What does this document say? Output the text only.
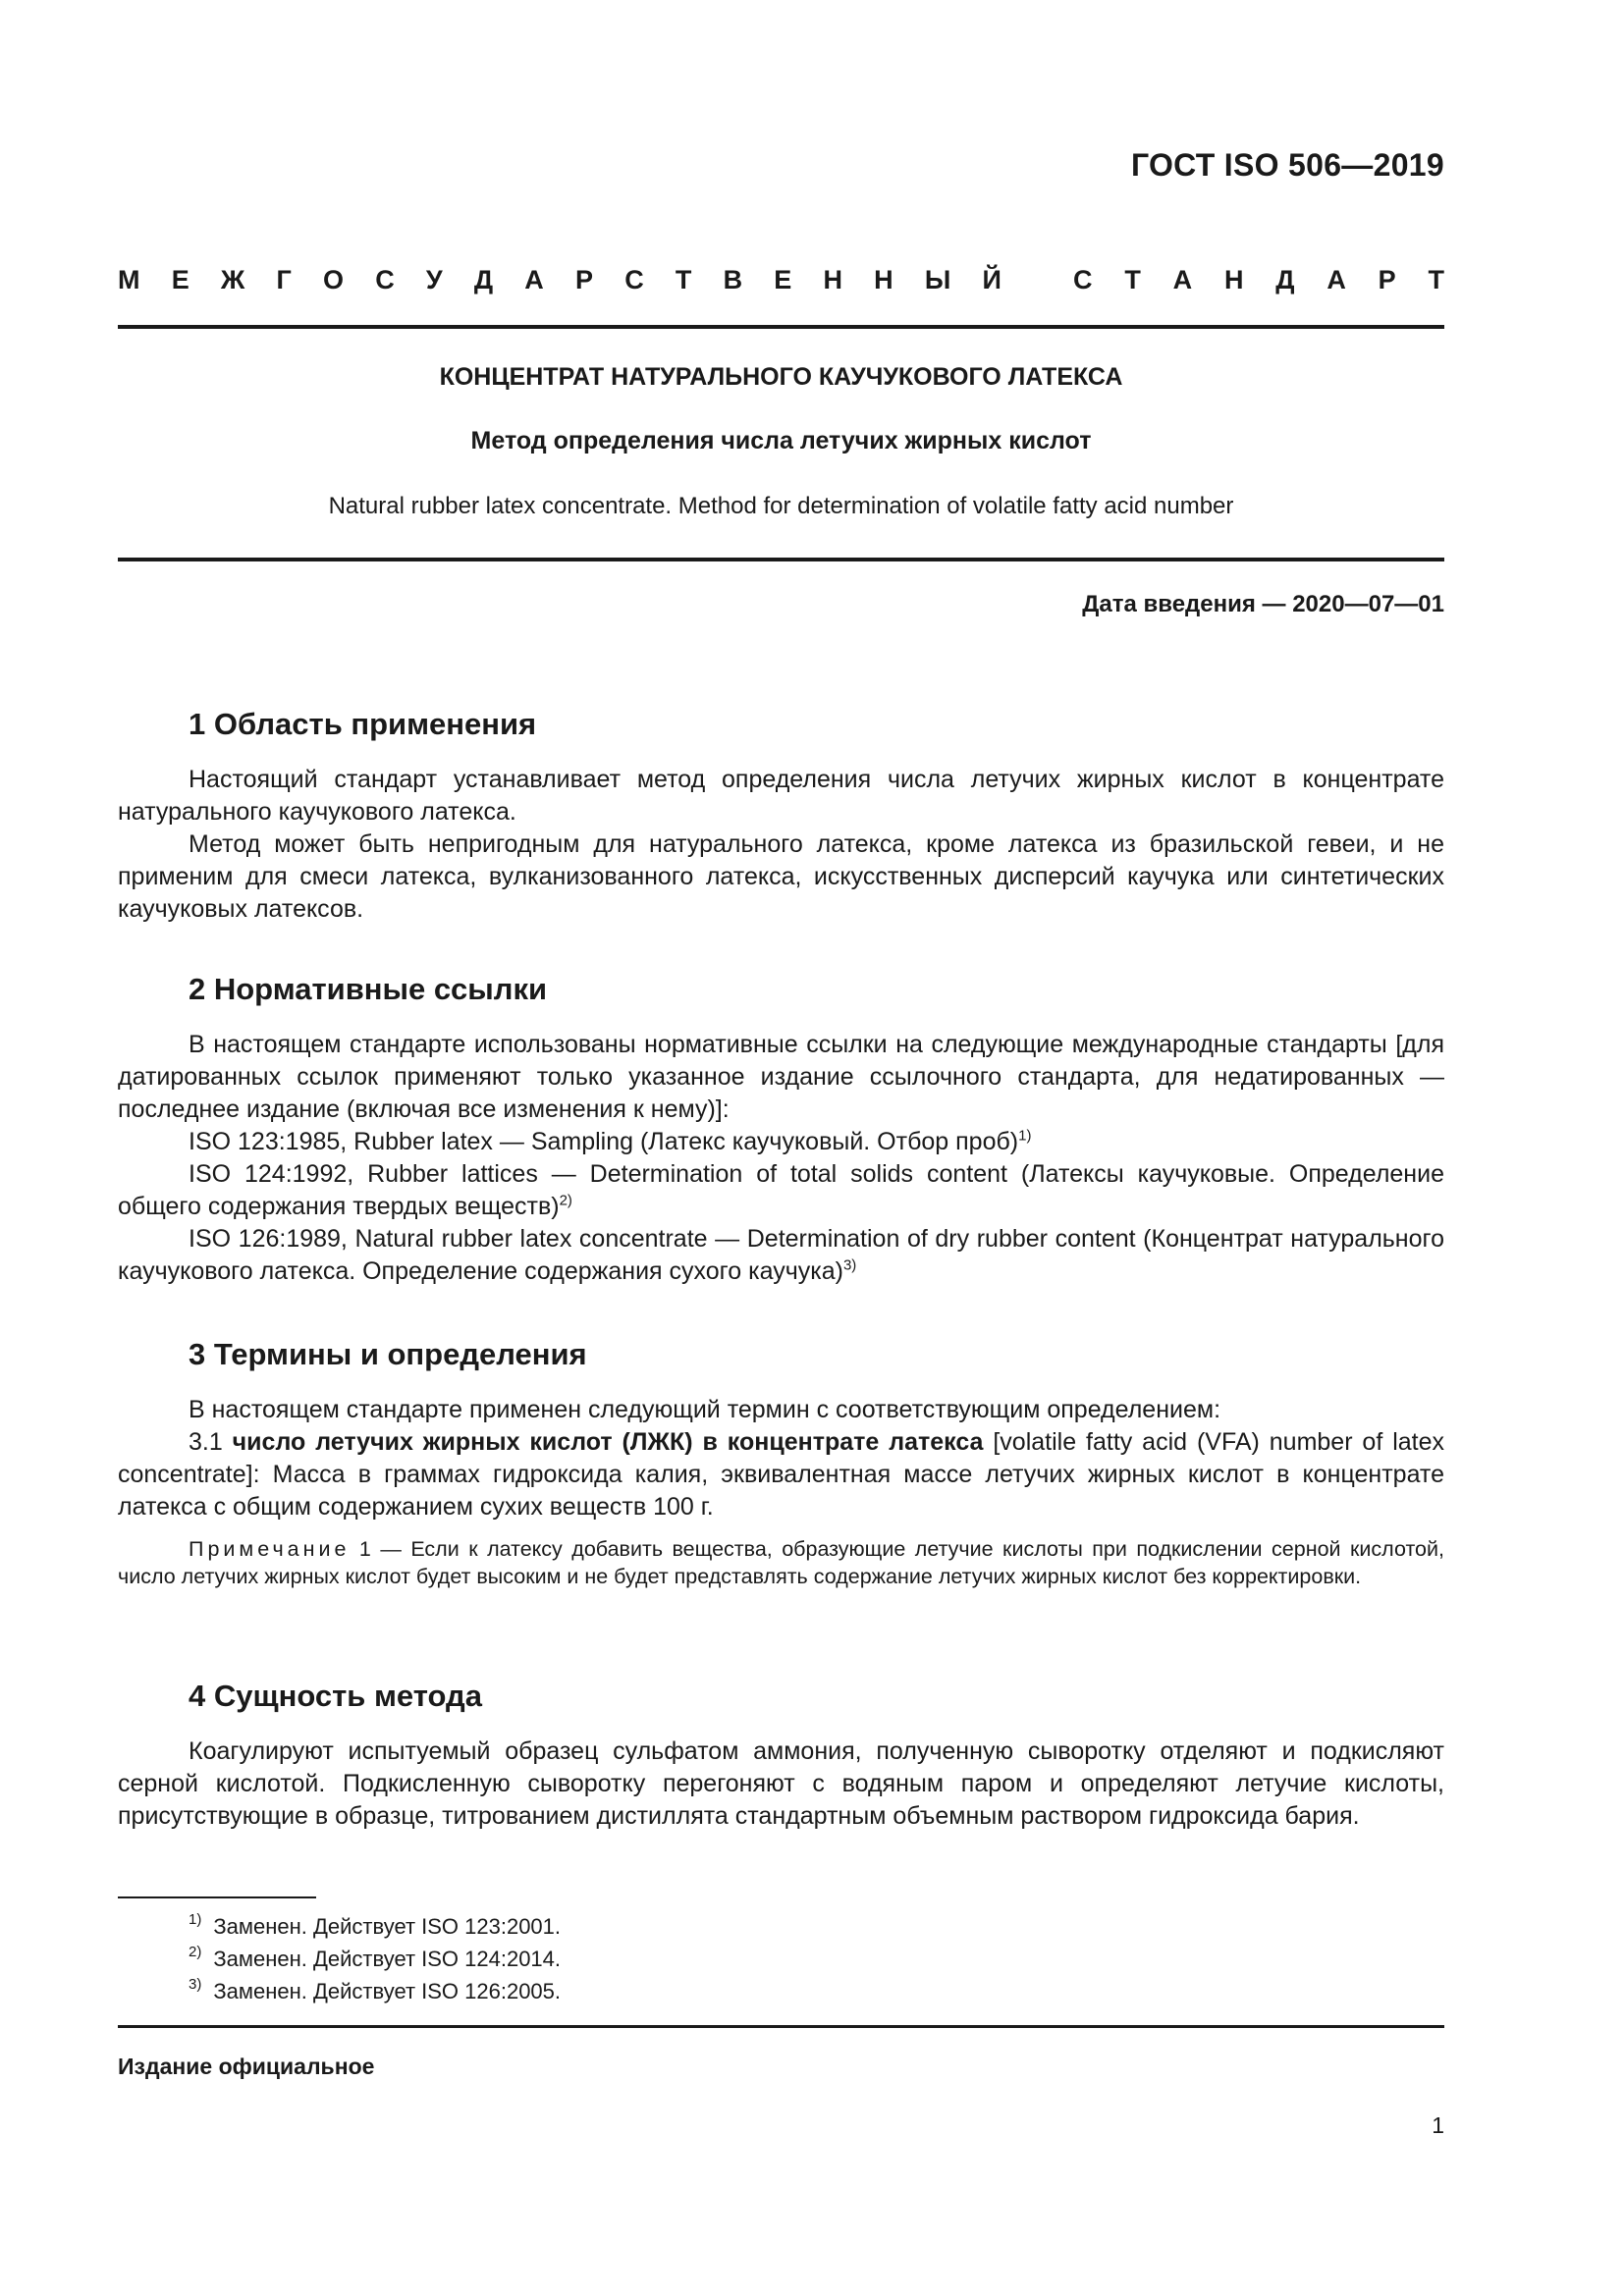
ГОСТ ISO 506—2019
М Е Ж Г О С У Д А Р С Т В Е Н Н Ы Й	С Т А Н Д А Р Т
КОНЦЕНТРАТ НАТУРАЛЬНОГО КАУЧУКОВОГО ЛАТЕКСА
Метод определения числа летучих жирных кислот
Natural rubber latex concentrate. Method for determination of volatile fatty acid number
Дата введения — 2020—07—01
1 Область применения

Настоящий стандарт устанавливает метод определения числа летучих жирных кислот в концентрате натурального каучукового латекса.

Метод может быть непригодным для натурального латекса, кроме латекса из бразильской гевеи, и не применим для смеси латекса, вулканизованного латекса, искусственных дисперсий каучука или синтетических каучуковых латексов.

2 Нормативные ссылки

В настоящем стандарте использованы нормативные ссылки на следующие международные стандарты [для датированных ссылок применяют только указанное издание ссылочного стандарта, для недатированных — последнее издание (включая все изменения к нему)]:

ISO 123:1985, Rubber latex — Sampling (Латекс каучуковый. Отбор проб)$^{1)}$

ISO 124:1992, Rubber lattices — Determination of total solids content (Латексы каучуковые. Определение общего содержания твердых веществ)$^{2)}$

ISO 126:1989, Natural rubber latex concentrate — Determination of dry rubber content (Концентрат натурального каучукового латекса. Определение содержания сухого каучука)$^{3)}$

3 Термины и определения

В настоящем стандарте применен следующий термин с соответствующим определением:

3.1 число летучих жирных кислот (ЛЖК) в концентрате латекса [volatile fatty acid (VFA) number of latex concentrate]: Масса в граммах гидроксида калия, эквивалентная массе летучих жирных кислот в концентрате латекса с общим содержанием сухих веществ 100 г.

Примечание 1 — Если к латексу добавить вещества, образующие летучие кислоты при подкислении серной кислотой, число летучих жирных кислот будет высоким и не будет представлять содержание летучих жирных кислот без корректировки.

4 Сущность метода

Коагулируют испытуемый образец сульфатом аммония, полученную сыворотку отделяют и подкисляют серной кислотой. Подкисленную сыворотку перегоняют с водяным паром и определяют летучие кислоты, присутствующие в образце, титрованием дистиллята стандартным объемным раствором гидроксида бария.

1) Заменен. Действует ISO 123:2001.
2) Заменен. Действует ISO 124:2014.
3) Заменен. Действует ISO 126:2005.
Издание официальное
1
